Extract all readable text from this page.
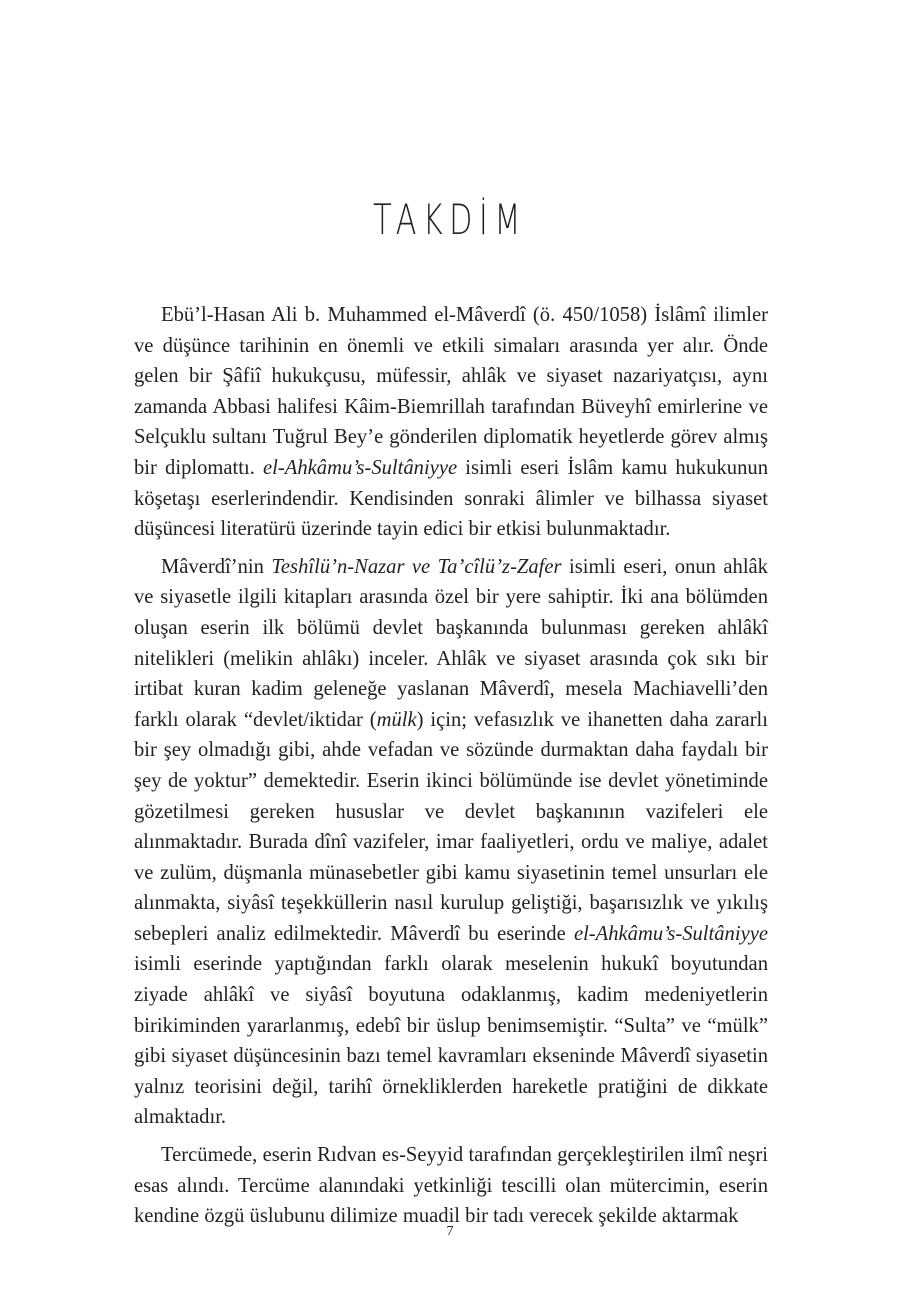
TAKDİM

Ebü’l-Hasan Ali b. Muhammed el-Mâverdî (ö. 450/1058) İslâmî ilimler ve düşünce tarihinin en önemli ve etkili simaları arasında yer alır. Önde gelen bir Şâfiî hukukçusu, müfessir, ahlâk ve siyaset nazariyatçısı, aynı zamanda Abbasi halifesi Kâim-Biemrillah tarafından Büveyhî emirlerine ve Selçuklu sultanı Tuğrul Bey’e gönderilen diplomatik heyetlerde görev almış bir diplomattı. el-Ahkâmu’s-Sultâniyye isimli eseri İslâm kamu hukukunun köşetaşı eserlerindendir. Kendisinden sonraki âlimler ve bilhassa siyaset düşüncesi literatürü üzerinde tayin edici bir etkisi bulunmaktadır.

Mâverdî’nin Teshîlü’n-Nazar ve Ta’cîlü’z-Zafer isimli eseri, onun ahlâk ve siyasetle ilgili kitapları arasında özel bir yere sahiptir. İki ana bölümden oluşan eserin ilk bölümü devlet başkanında bulunması gereken ahlâkî nitelikleri (melikin ahlâkı) inceler. Ahlâk ve siyaset arasında çok sıkı bir irtibat kuran kadim geleneğe yaslanan Mâverdî, mesela Machiavelli’den farklı olarak “devlet/iktidar (mülk) için; vefasızlık ve ihanetten daha zararlı bir şey olmadığı gibi, ahde vefadan ve sözünde durmaktan daha faydalı bir şey de yoktur” demektedir. Eserin ikinci bölümünde ise devlet yönetiminde gözetilmesi gereken hususlar ve devlet başkanının vazifeleri ele alınmaktadır. Burada dînî vazifeler, imar faaliyetleri, ordu ve maliye, adalet ve zulüm, düşmanla münasebetler gibi kamu siyasetinin temel unsurları ele alınmakta, siyâsî teşekküllerin nasıl kurulup geliştiği, başarısızlık ve yıkılış sebepleri analiz edilmektedir. Mâverdî bu eserinde el-Ahkâmu’s-Sultâniyye isimli eserinde yaptığından farklı olarak meselenin hukukî boyutundan ziyade ahlâkî ve siyâsî boyutuna odaklanmış, kadim medeniyetlerin birikiminden yararlanmış, edebî bir üslup benimsemiştir. “Sulta” ve “mülk” gibi siyaset düşüncesinin bazı temel kavramları ekseninde Mâverdî siyasetin yalnız teorisini değil, tarihî örnekliklerden hareketle pratiğini de dikkate almaktadır.

Tercümede, eserin Rıdvan es-Seyyid tarafından gerçekleştirilen ilmî neşri esas alındı. Tercüme alanındaki yetkinliği tescilli olan mütercimin, eserin kendine özgü üslubunu dilimize muadil bir tadı verecek şekilde aktarmak

7
